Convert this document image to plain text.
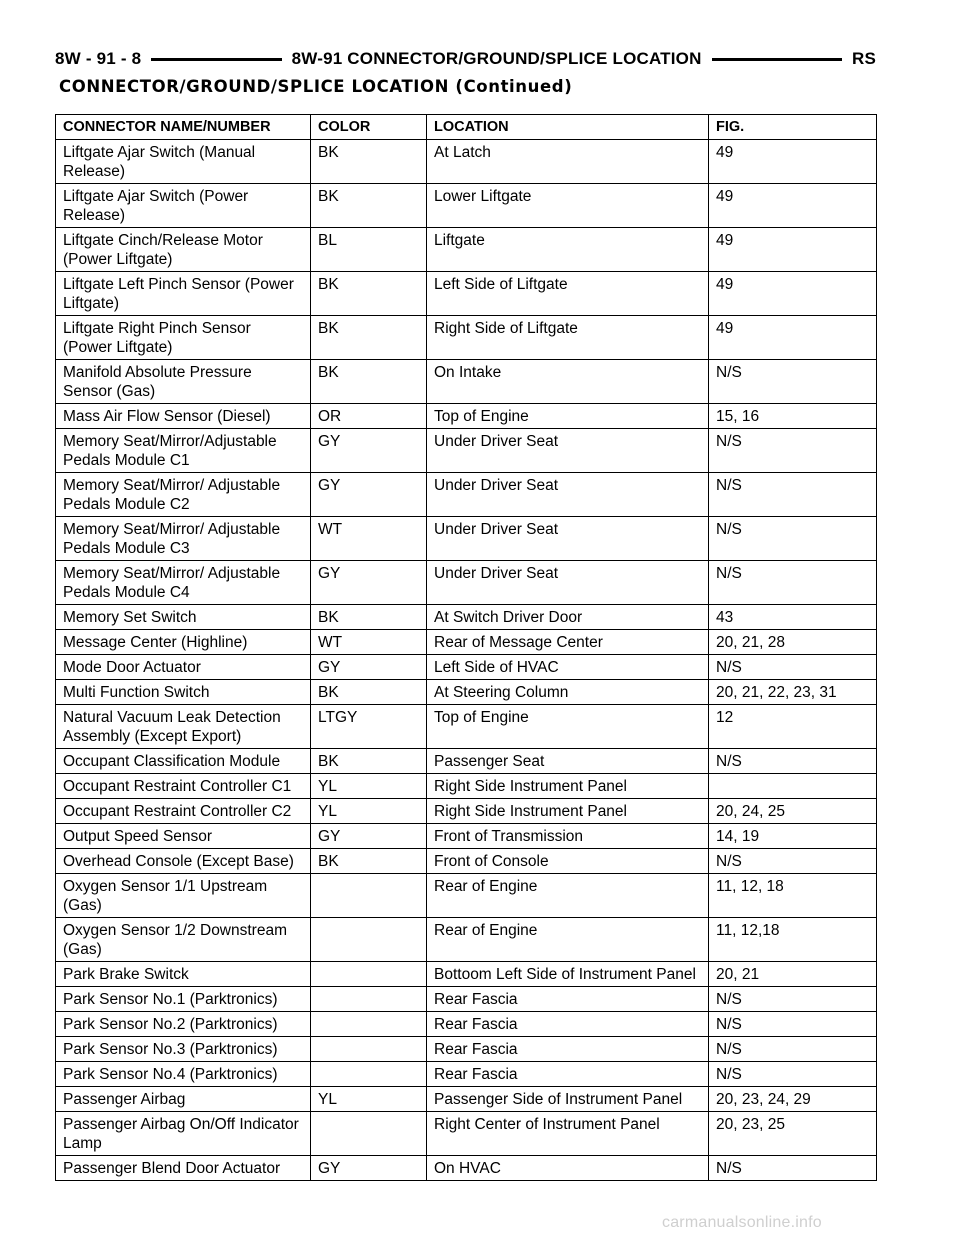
8W - 91 - 8	8W-91 CONNECTOR/GROUND/SPLICE LOCATION	RS
CONNECTOR/GROUND/SPLICE LOCATION (Continued)
CONNECTOR NAME/NUMBER	COLOR	LOCATION	FIG.
Liftgate Ajar Switch (Manual Release)	BK	At Latch	49
Liftgate Ajar Switch (Power Release)	BK	Lower Liftgate	49
Liftgate Cinch/Release Motor (Power Liftgate)	BL	Liftgate	49
Liftgate Left Pinch Sensor (Power Liftgate)	BK	Left Side of Liftgate	49
Liftgate Right Pinch Sensor (Power Liftgate)	BK	Right Side of Liftgate	49
Manifold Absolute Pressure Sensor (Gas)	BK	On Intake	N/S
Mass Air Flow Sensor (Diesel)	OR	Top of Engine	15, 16
Memory Seat/Mirror/Adjustable Pedals Module C1	GY	Under Driver Seat	N/S
Memory Seat/Mirror/ Adjustable Pedals Module C2	GY	Under Driver Seat	N/S
Memory Seat/Mirror/ Adjustable Pedals Module C3	WT	Under Driver Seat	N/S
Memory Seat/Mirror/ Adjustable Pedals Module C4	GY	Under Driver Seat	N/S
Memory Set Switch	BK	At Switch Driver Door	43
Message Center (Highline)	WT	Rear of Message Center	20, 21, 28
Mode Door Actuator	GY	Left Side of HVAC	N/S
Multi Function Switch	BK	At Steering Column	20, 21, 22, 23, 31
Natural Vacuum Leak Detection Assembly (Except Export)	LTGY	Top of Engine	12
Occupant Classification Module	BK	Passenger Seat	N/S
Occupant Restraint Controller C1	YL	Right Side Instrument Panel	
Occupant Restraint Controller C2	YL	Right Side Instrument Panel	20, 24, 25
Output Speed Sensor	GY	Front of Transmission	14, 19
Overhead Console (Except Base)	BK	Front of Console	N/S
Oxygen Sensor 1/1 Upstream (Gas)		Rear of Engine	11, 12, 18
Oxygen Sensor 1/2 Downstream (Gas)		Rear of Engine	11, 12,18
Park Brake Switck		Bottoom Left Side of Instrument Panel	20, 21
Park Sensor No.1 (Parktronics)		Rear Fascia	N/S
Park Sensor No.2 (Parktronics)		Rear Fascia	N/S
Park Sensor No.3 (Parktronics)		Rear Fascia	N/S
Park Sensor No.4 (Parktronics)		Rear Fascia	N/S
Passenger Airbag	YL	Passenger Side of Instrument Panel	20, 23, 24, 29
Passenger Airbag On/Off Indicator Lamp		Right Center of Instrument Panel	20, 23, 25
Passenger Blend Door Actuator	GY	On HVAC	N/S
carmanualsonline.info
